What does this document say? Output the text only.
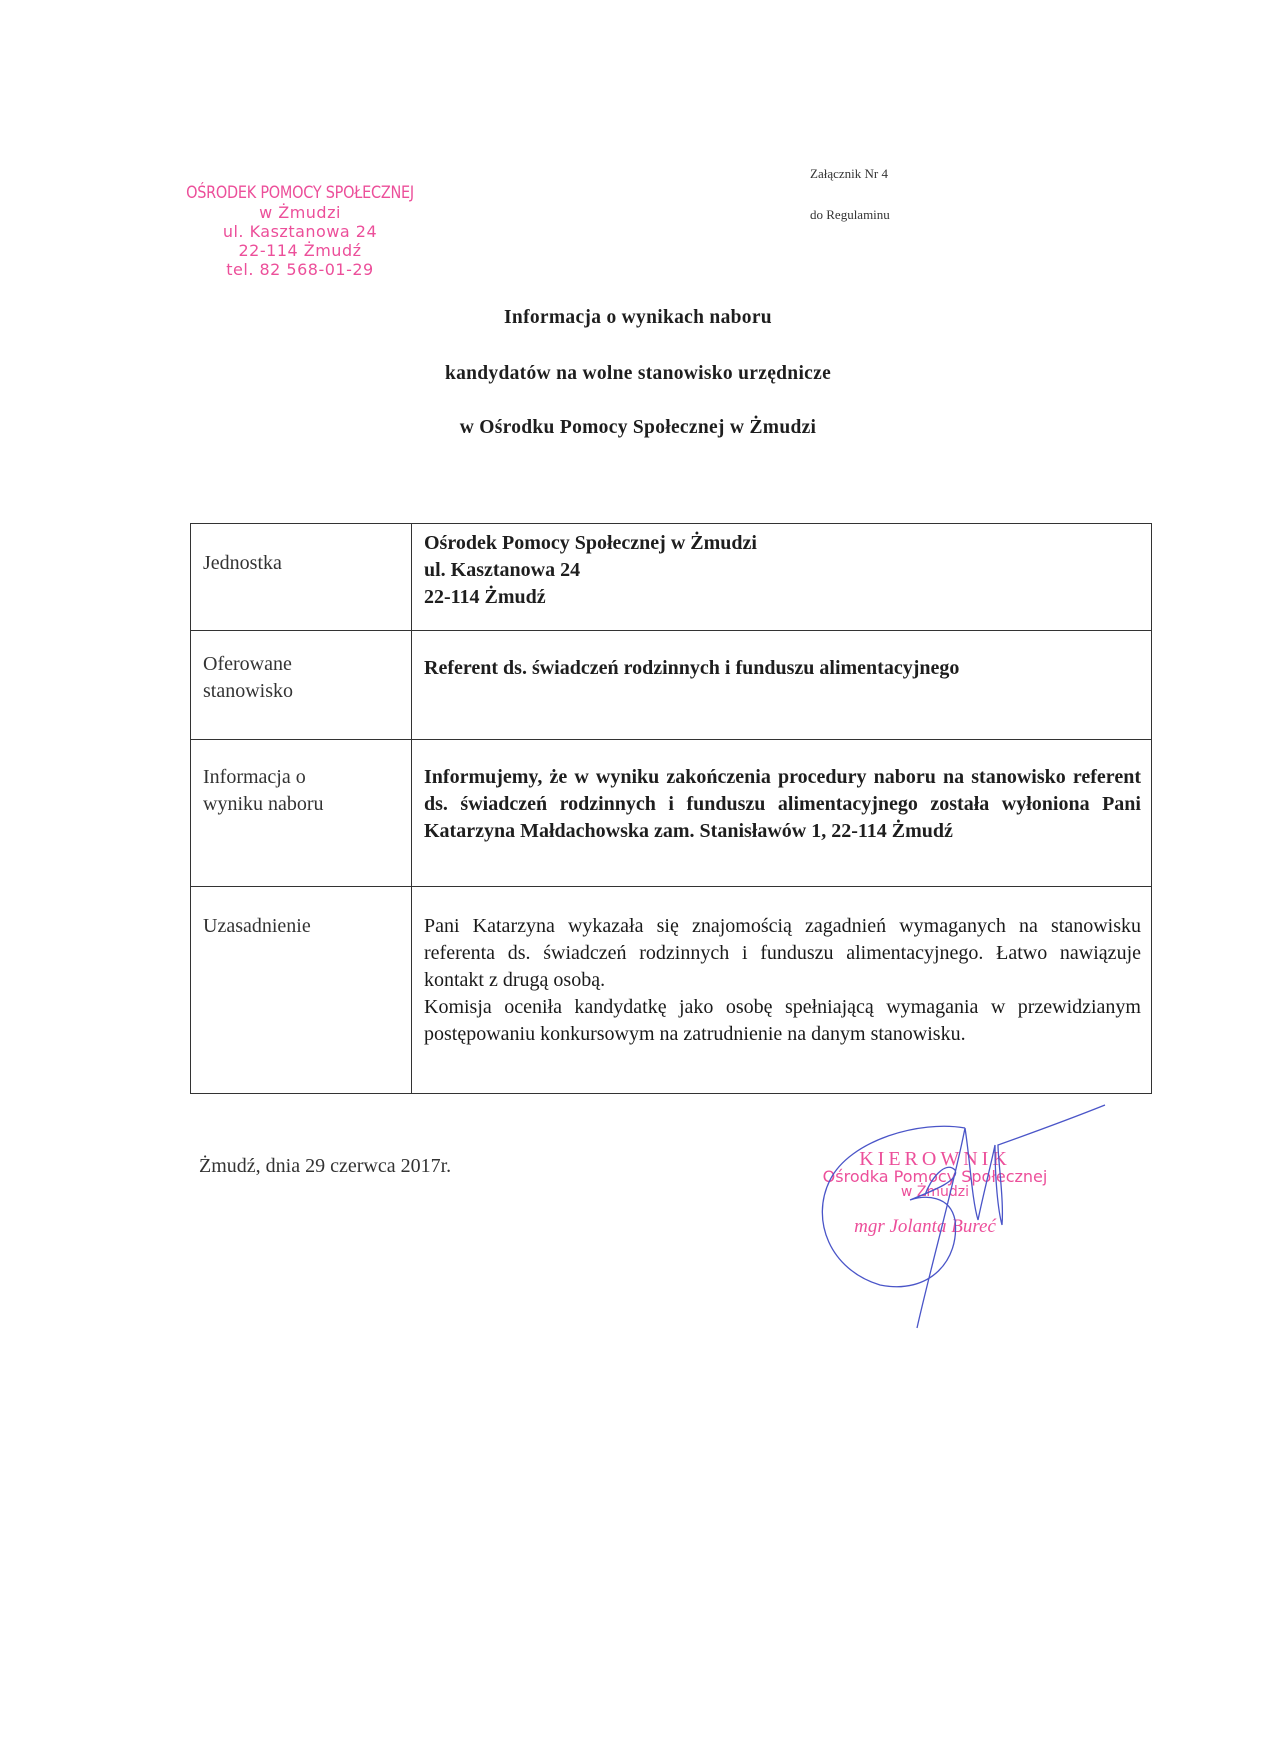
OŚRODEK POMOCY SPOŁECZNEJ
w Żmudzi
ul. Kasztanowa 24
22-114 Żmudź
tel. 82 568-01-29
Załącznik Nr 4
do Regulaminu
Informacja o wynikach naboru
kandydatów na wolne stanowisko urzędnicze
w Ośrodku Pomocy Społecznej w Żmudzi
Jednostka	Ośrodek Pomocy Społecznej w Żmudzi
ul. Kasztanowa 24
22-114 Żmudź

Oferowane
stanowisko	Referent ds. świadczeń rodzinnych i funduszu alimentacyjnego

Informacja o
wyniku naboru	Informujemy, że w wyniku zakończenia procedury naboru na stanowisko referent ds. świadczeń rodzinnych i funduszu alimentacyjnego została wyłoniona Pani Katarzyna Małdachowska zam. Stanisławów 1, 22-114 Żmudź
Uzasadnienie	Pani Katarzyna wykazała się znajomością zagadnień wymaganych na stanowisku referenta ds. świadczeń rodzinnych i funduszu alimentacyjnego. Łatwo nawiązuje kontakt z drugą osobą.
Komisja oceniła kandydatkę jako osobę spełniającą wymagania w przewidzianym postępowaniu konkursowym na zatrudnienie na danym stanowisku.
Żmudź, dnia 29 czerwca 2017r.	KIEROWNIK
Ośrodka Pomocy Społecznej
w Żmudzi
mgr Jolanta Bureć
